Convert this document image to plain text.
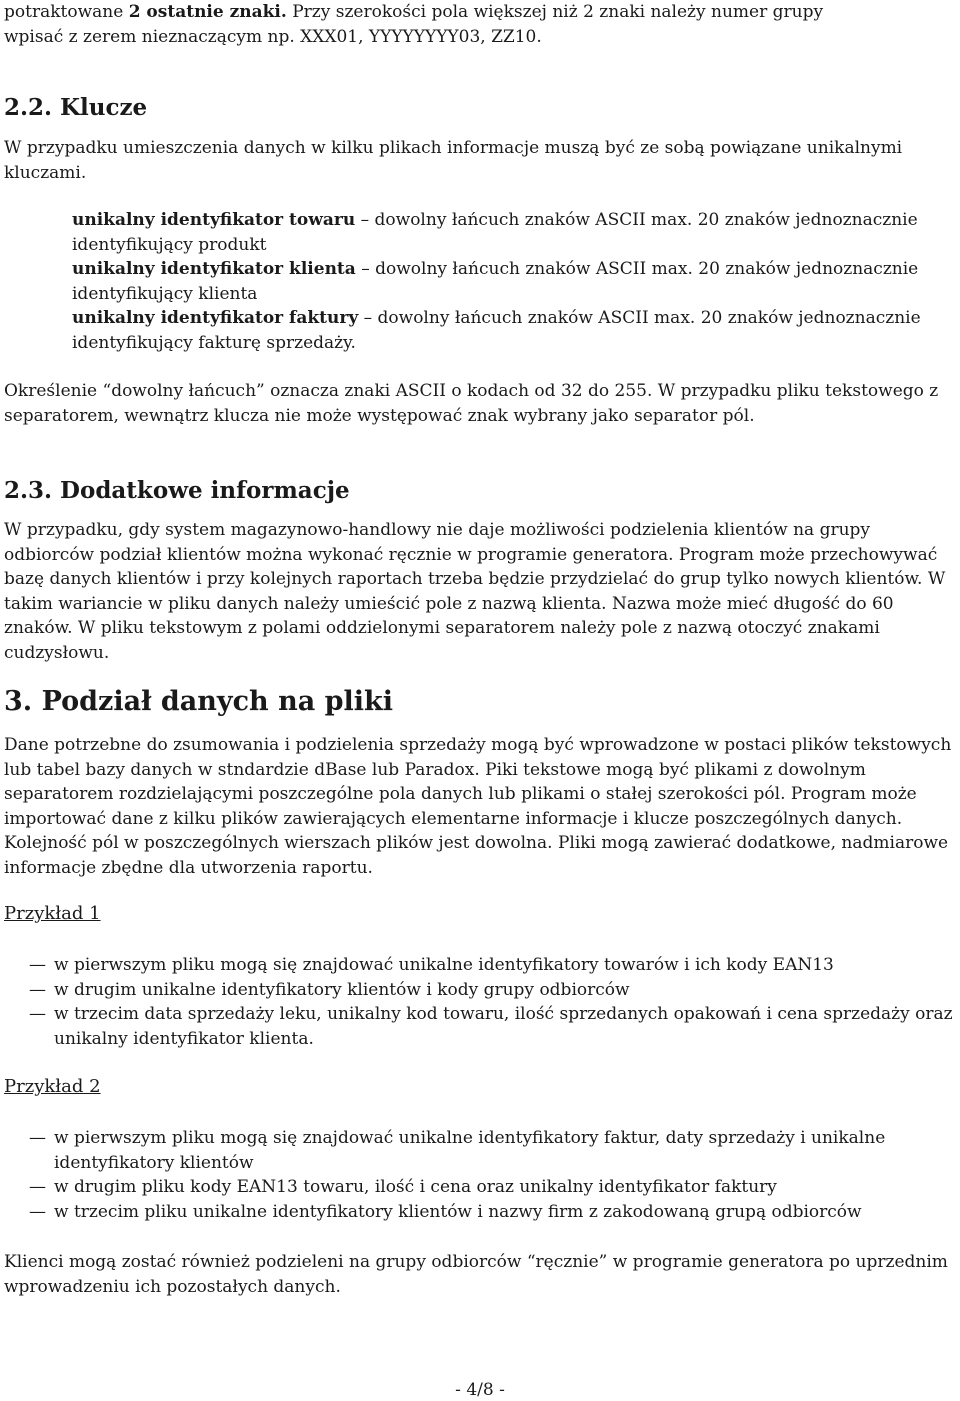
potraktowane 2 ostatnie znaki. Przy szerokości pola większej niż 2 znaki należy numer grupy
wpisać z zerem nieznaczącym np. XXX01, YYYYYYYY03, ZZ10.
2.2. Klucze

W przypadku umieszczenia danych w kilku plikach informacje muszą być ze sobą powiązane unikalnymi kluczami.

unikalny identyfikator towaru – dowolny łańcuch znaków ASCII max. 20 znaków jednoznacznie identyfikujący produkt

unikalny identyfikator klienta – dowolny łańcuch znaków ASCII max. 20 znaków jednoznacznie identyfikujący klienta

unikalny identyfikator faktury – dowolny łańcuch znaków ASCII max. 20 znaków jednoznacznie identyfikujący fakturę sprzedaży.

Określenie “dowolny łańcuch” oznacza znaki ASCII o kodach od 32 do 255. W przypadku pliku tekstowego z separatorem, wewnątrz klucza nie może występować znak wybrany jako separator pól.

2.3. Dodatkowe informacje

W przypadku, gdy system magazynowo-handlowy nie daje możliwości podzielenia klientów na grupy odbiorców podział klientów można wykonać ręcznie w programie generatora. Program może przechowywać bazę danych klientów i przy kolejnych raportach trzeba będzie przydzielać do grup tylko nowych klientów. W takim wariancie w pliku danych należy umieścić pole z nazwą klienta. Nazwa może mieć długość do 60 znaków. W pliku tekstowym z polami oddzielonymi separatorem należy pole z nazwą otoczyć znakami cudzysłowu.

3. Podział danych na pliki

Dane potrzebne do zsumowania i podzielenia sprzedaży mogą być wprowadzone w postaci plików tekstowych lub tabel bazy danych w stndardzie dBase lub Paradox. Piki tekstowe mogą być plikami z dowolnym separatorem rozdzielającymi poszczególne pola danych lub plikami o stałej szerokości pól. Program może importować dane z kilku plików zawierających elementarne informacje i klucze poszczególnych danych. Kolejność pól w poszczególnych wierszach plików jest dowolna. Pliki mogą zawierać dodatkowe, nadmiarowe informacje zbędne dla utworzenia raportu.

Przykład 1

— w pierwszym pliku mogą się znajdować unikalne identyfikatory towarów i ich kody EAN13
— w drugim unikalne identyfikatory klientów i kody grupy odbiorców
— w trzecim data sprzedaży leku, unikalny kod towaru, ilość sprzedanych opakowań i cena sprzedaży oraz unikalny identyfikator klienta.

Przykład 2

— w pierwszym pliku mogą się znajdować unikalne identyfikatory faktur, daty sprzedaży i unikalne identyfikatory klientów
— w drugim pliku kody EAN13 towaru, ilość i cena oraz unikalny identyfikator faktury
— w trzecim pliku unikalne identyfikatory klientów i nazwy firm z zakodowaną grupą odbiorców

Klienci mogą zostać również podzieleni na grupy odbiorców “ręcznie” w programie generatora po uprzednim wprowadzeniu ich pozostałych danych.

- 4/8 -
